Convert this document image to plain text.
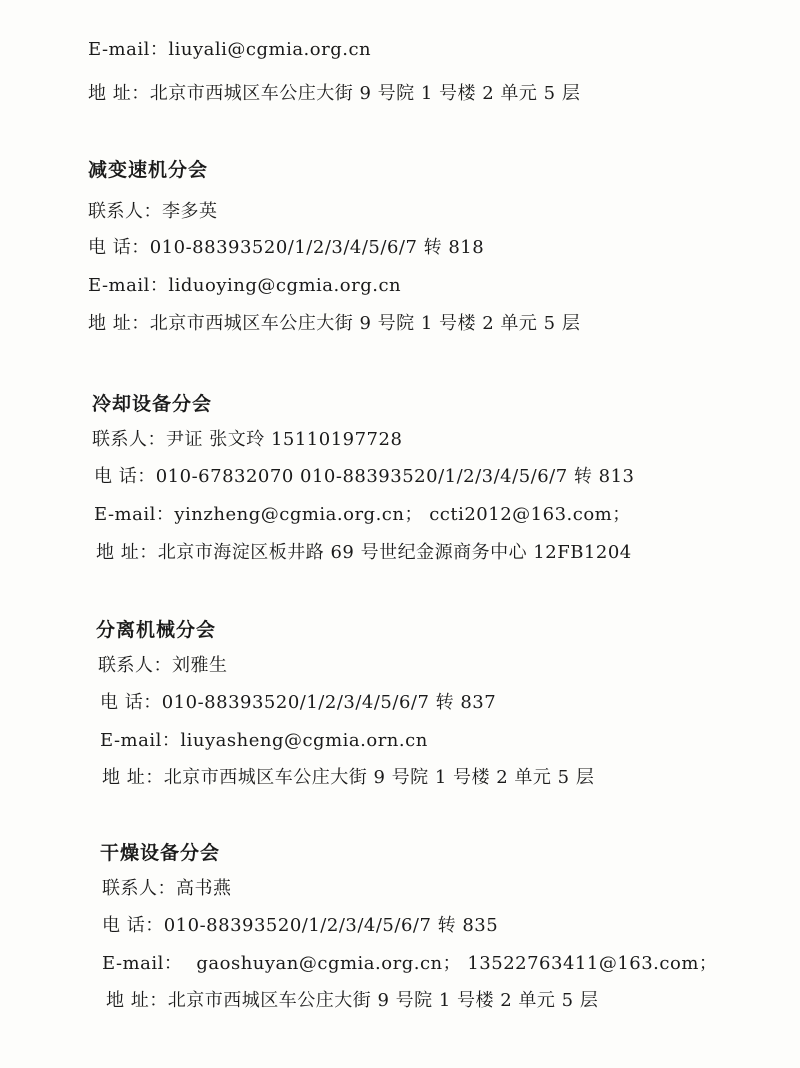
E-mail：liuyali@cgmia.org.cn
地 址：北京市西城区车公庄大街 9 号院 1 号楼 2 单元 5 层
减变速机分会
联系人：李多英
电 话：010-88393520/1/2/3/4/5/6/7 转 818
E-mail：liduoying@cgmia.org.cn
地 址：北京市西城区车公庄大街 9 号院 1 号楼 2 单元 5 层
冷却设备分会
联系人：尹证 张文玲 15110197728
电 话：010-67832070 010-88393520/1/2/3/4/5/6/7 转 813
E-mail：yinzheng@cgmia.org.cn； ccti2012@163.com；
地 址：北京市海淀区板井路 69 号世纪金源商务中心 12FB1204
分离机械分会
联系人：刘雅生
电 话：010-88393520/1/2/3/4/5/6/7 转 837
E-mail：liuyasheng@cgmia.orn.cn
地 址：北京市西城区车公庄大街 9 号院 1 号楼 2 单元 5 层
干燥设备分会
联系人：高书燕
电 话：010-88393520/1/2/3/4/5/6/7 转 835
E-mail： gaoshuyan@cgmia.org.cn； 13522763411@163.com；
地 址：北京市西城区车公庄大街 9 号院 1 号楼 2 单元 5 层
